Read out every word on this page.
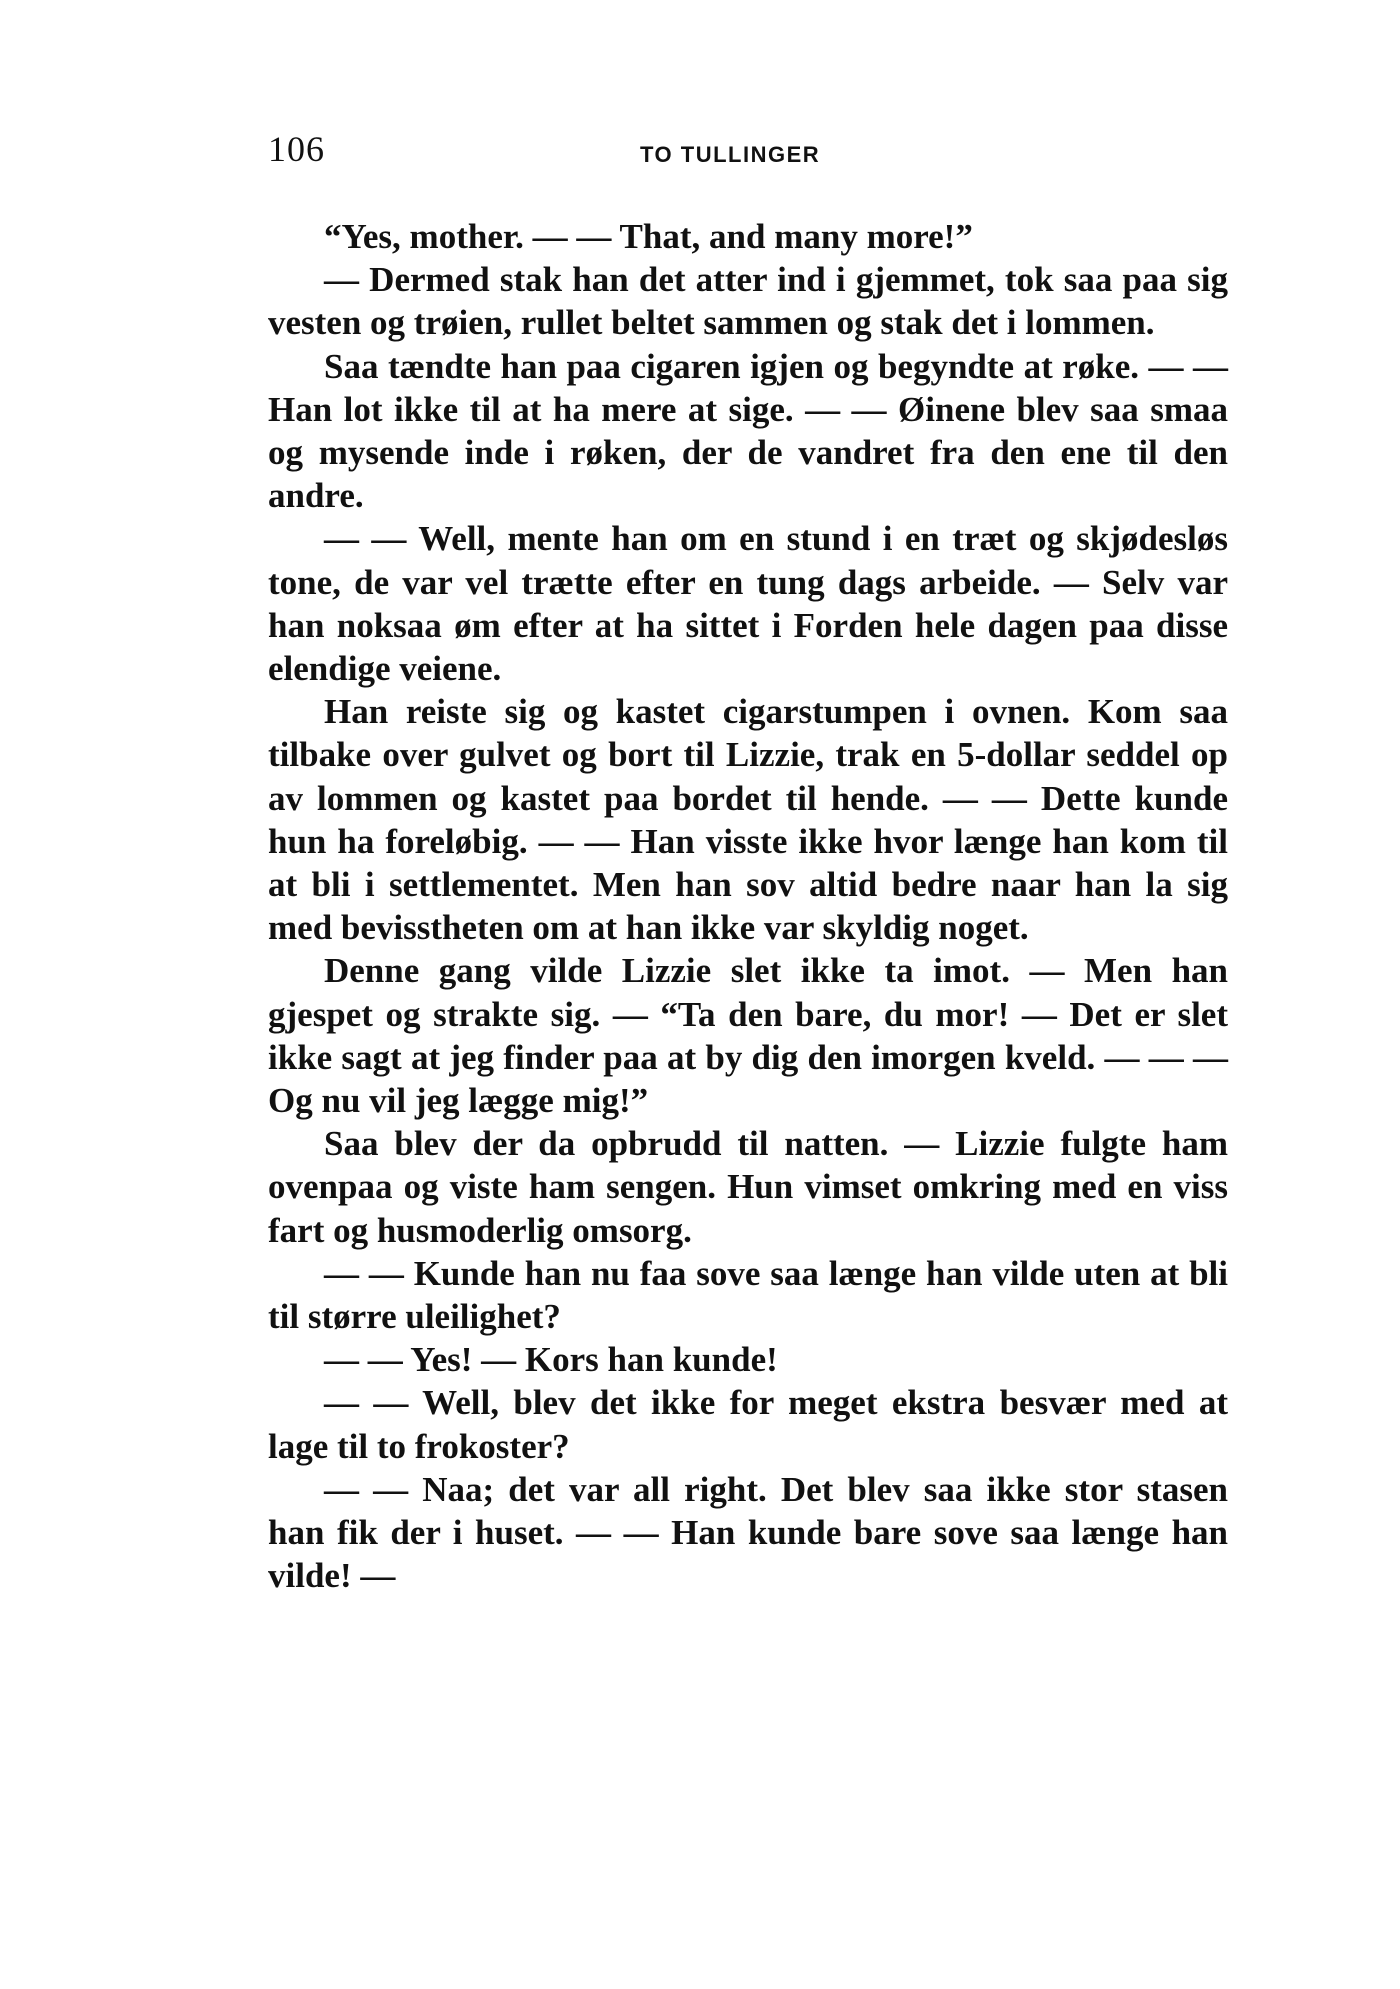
106	TO TULLINGER

“Yes, mother. — — That, and many more!”

— Dermed stak han det atter ind i gjemmet, tok saa paa sig vesten og trøien, rullet beltet sammen og stak det i lommen.

Saa tændte han paa cigaren igjen og begyndte at røke. — — Han lot ikke til at ha mere at sige. — — Øinene blev saa smaa og mysende inde i røken, der de vandret fra den ene til den andre.

— — Well, mente han om en stund i en træt og skjødesløs tone, de var vel trætte efter en tung dags arbeide. — Selv var han noksaa øm efter at ha sittet i Forden hele dagen paa disse elendige veiene.

Han reiste sig og kastet cigarstumpen i ovnen. Kom saa tilbake over gulvet og bort til Lizzie, trak en 5-dollar seddel op av lommen og kastet paa bordet til hende. — — Dette kunde hun ha foreløbig. — — Han visste ikke hvor længe han kom til at bli i settlementet. Men han sov altid bedre naar han la sig med bevisstheten om at han ikke var skyldig noget.

Denne gang vilde Lizzie slet ikke ta imot. — Men han gjespet og strakte sig. — “Ta den bare, du mor! — Det er slet ikke sagt at jeg finder paa at by dig den imorgen kveld. — — — Og nu vil jeg lægge mig!”

Saa blev der da opbrudd til natten. — Lizzie fulgte ham ovenpaa og viste ham sengen. Hun vimset omkring med en viss fart og husmoderlig omsorg.

— — Kunde han nu faa sove saa længe han vilde uten at bli til større uleilighet?

— — Yes! — Kors han kunde!

— — Well, blev det ikke for meget ekstra besvær med at lage til to frokoster?

— — Naa; det var all right. Det blev saa ikke stor stasen han fik der i huset. — — Han kunde bare sove saa længe han vilde! —
